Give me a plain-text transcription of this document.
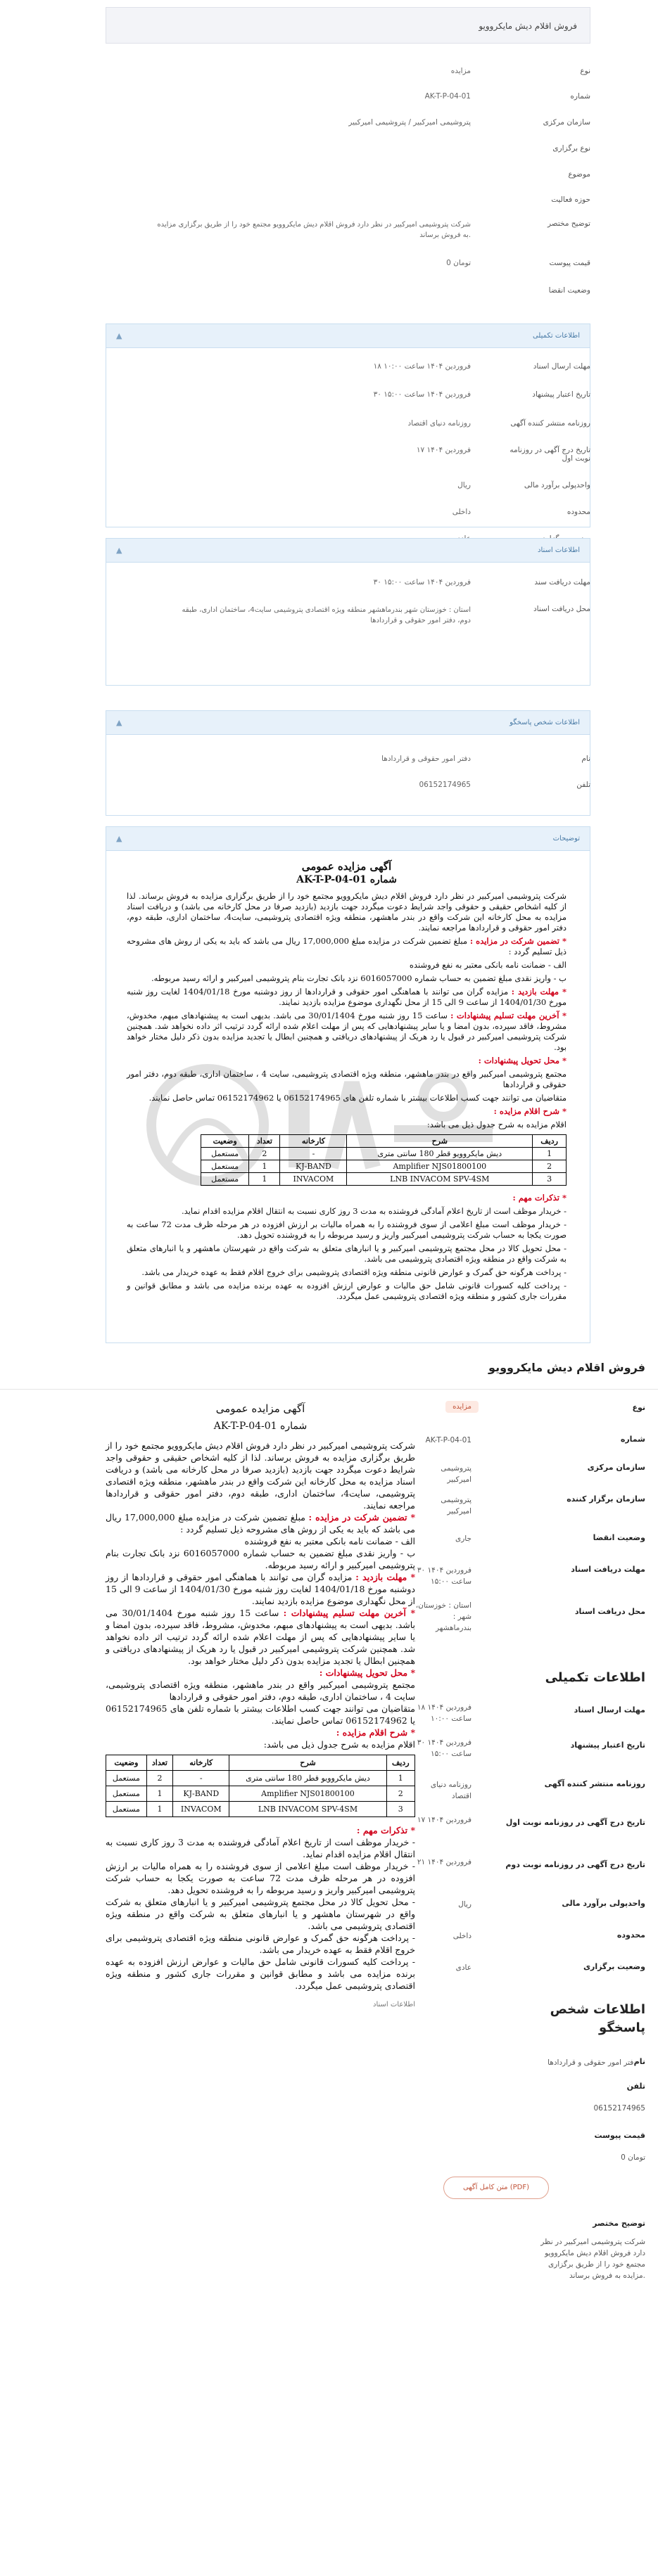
فروش اقلام دیش مایکروویو
نوع
مزایده
شماره
AK-T-P-04-01
سازمان مرکزی
پتروشیمی امیرکبیر / پتروشیمی امیرکبیر
نوع برگزاری
موضوع
حوزه فعالیت
توضیح مختصر
شرکت پتروشیمی امیرکبیر در نظر دارد فروش اقلام دیش مایکروویو مجتمع خود را از طریق برگزاری مزایده به فروش برساند.
قیمت پیوست
0 تومان
وضعیت انقضا
اطلاعات تکمیلی
▲
مهلت ارسال اسناد
۱۸ فروردین ۱۴۰۴ ساعت ۱۰:۰۰
تاریخ اعتبار پیشنهاد
۳۰ فروردین ۱۴۰۴ ساعت ۱۵:۰۰
روزنامه منتشر کننده آگهی
روزنامه دنیای اقتصاد
تاریخ درج آگهی در روزنامه نوبت اول
۱۷ فروردین ۱۴۰۴
واحدپولی برآورد مالی
ریال
محدوده
داخلی
اطلاعات اسناد
▲
مهلت دریافت سند
۳۰ فروردین ۱۴۰۴ ساعت ۱۵:۰۰
محل دریافت اسناد
استان : خوزستان شهر بندرماهشهر منطقه ویژه اقتصادی پتروشیمی سایت4، ساختمان اداری، طبقه دوم، دفتر امور حقوقی و قراردادها
اطلاعات شخص پاسخگو
▲
نام
دفتر امور حقوقی و قراردادها
تلفن
06152174965
توضیحات
▲
آگهی مزایده عمومی
شماره AK-T-P-04-01

شرکت پتروشیمی امیرکبیر در نظر دارد فروش اقلام دیش مایکروویو مجتمع خود را از طریق برگزاری مزایده به فروش برساند. لذا از کلیه اشخاص حقیقی و حقوقی واجد شرایط دعوت میگردد جهت بازدید (بازدید صرفا در محل کارخانه می باشد) و دریافت اسناد مزایده به محل کارخانه این شرکت واقع در بندر ماهشهر، منطقه ویژه اقتصادی پتروشیمی، سایت4، ساختمان اداری، طبقه دوم، دفتر امور حقوقی و قراردادها مراجعه نمایند.

* تضمین شرکت در مزایده : مبلغ تضمین شرکت در مزایده مبلغ 17,000,000 ریال می باشد که باید به یکی از روش های مشروحه ذیل تسلیم گردد :

الف - ضمانت نامه بانکی معتبر به نفع فروشنده

ب - واریز نقدی مبلغ تضمین به حساب شماره 6016057000 نزد بانک تجارت بنام پتروشیمی امیرکبیر و ارائه رسید مربوطه.

* مهلت بازدید : مزایده گران می توانند با هماهنگی امور حقوقی و قراردادها از روز دوشنبه مورخ 1404/01/18 لغایت روز شنبه مورخ 1404/01/30 از ساعت 9 الی 15 از محل نگهداری موضوع مزایده بازدید نمایند.

* آخرین مهلت تسلیم پیشنهادات : ساعت 15 روز شنبه مورخ 30/01/1404 می باشد. بدیهی است به پیشنهادهای مبهم، مخدوش، مشروط، فاقد سپرده، بدون امضا و یا سایر پیشنهادهایی که پس از مهلت اعلام شده ارائه گردد ترتیب اثر داده نخواهد شد. همچنین شرکت پتروشیمی امیرکبیر در قبول یا رد هریک از پیشنهادهای دریافتی و همچنین ابطال یا تجدید مزایده بدون ذکر دلیل مختار خواهد بود.

* محل تحویل پیشنهادات :

مجتمع پتروشیمی امیرکبیر واقع در بندر ماهشهر، منطقه ویژه اقتصادی پتروشیمی، سایت 4 ، ساختمان اداری، طبقه دوم، دفتر امور حقوقی و قراردادها

متقاضیان می توانند جهت کسب اطلاعات بیشتر با شماره تلفن های 06152174965 یا 06152174962 تماس حاصل نمایند.

* شرح اقلام مزایده :

اقلام مزایده به شرح جدول ذیل می باشد:

ردیف	شرح	کارخانه	تعداد	وضعیت
1	دیش مایکروویو قطر 180 سانتی متری	-	2	مستعمل
2	Amplifier NJS01800100	KJ-BAND	1	مستعمل
3	LNB INVACOM SPV-4SM	INVACOM	1	مستعمل

* تذکرات مهم :

- خریدار موظف است از تاریخ اعلام آمادگی فروشنده به مدت 3 روز کاری نسبت به انتقال اقلام مزایده اقدام نماید.

- خریدار موظف است مبلغ اعلامی از سوی فروشنده را به همراه مالیات بر ارزش افزوده در هر مرحله ظرف مدت 72 ساعت به صورت یکجا به حساب شرکت پتروشیمی امیرکبیر واریز و رسید مربوطه را به فروشنده تحویل دهد.

- محل تحویل کالا در محل مجتمع پتروشیمی امیرکبیر و یا انبارهای متعلق به شرکت واقع در شهرستان ماهشهر و یا انبارهای متعلق به شرکت واقع در منطقه ویژه اقتصادی پتروشیمی می باشد.

- پرداخت هرگونه حق گمرک و عوارض قانونی منطقه ویژه اقتصادی پتروشیمی برای خروج اقلام فقط به عهده خریدار می باشد.

- پرداخت کلیه کسورات قانونی شامل حق مالیات و عوارض ارزش افزوده به عهده برنده مزایده می باشد و مطابق قوانین و مقررات جاری کشور و منطقه ویژه اقتصادی پتروشیمی عمل میگردد.

فروش اقلام دیش مایکروویو
نوع
مزایده
شماره
AK-T-P-04-01
سازمان مرکزی
پتروشیمی امیرکبیر
سازمان برگزار کننده
پتروشیمی امیرکبیر
وضعیت انقضا
جاری
مهلت دریافت اسناد
۳۰ فروردین ۱۴۰۴ ساعت ۱۵:۰۰
محل دریافت اسناد
استان : خوزستان، شهر : بندرماهشهر
اطلاعات تکمیلی
مهلت ارسال اسناد
۱۸ فروردین ۱۴۰۴ ساعت ۱۰:۰۰
تاریخ اعتبار پیشنهاد
۳۰ فروردین ۱۴۰۴ ساعت ۱۵:۰۰
روزنامه منتشر کننده آگهی
روزنامه دنیای اقتصاد
تاریخ درج آگهی در روزنامه نوبت اول
۱۷ فروردین ۱۴۰۴
تاریخ درج آگهی در روزنامه نوبت دوم
۲۱ فروردین ۱۴۰۴
واحدپولی برآورد مالی
ریال
محدوده
داخلی
وضعیت برگزاری
عادی
اطلاعات شخص پاسخگو
نام
دفتر امور حقوقی و قراردادها
تلفن
06152174965
قیمت پیوست
0 تومان
متن کامل آگهی (PDF)
توضیح مختصر
شرکت پتروشیمی امیرکبیر در نظر دارد فروش اقلام دیش مایکروویو مجتمع خود را از طریق برگزاری مزایده به فروش برساند.
آگهی مزایده عمومی
شماره AK-T-P-04-01

شرکت پتروشیمی امیرکبیر در نظر دارد فروش اقلام دیش مایکروویو مجتمع خود را از طریق برگزاری مزایده به فروش برساند. لذا از کلیه اشخاص حقیقی و حقوقی واجد شرایط دعوت میگردد جهت بازدید (بازدید صرفا در محل کارخانه می باشد) و دریافت اسناد مزایده به محل کارخانه این شرکت واقع در بندر ماهشهر، منطقه ویژه اقتصادی پتروشیمی، سایت4، ساختمان اداری، طبقه دوم، دفتر امور حقوقی و قراردادها مراجعه نمایند.

* تضمین شرکت در مزایده : مبلغ تضمین شرکت در مزایده مبلغ 17,000,000 ریال می باشد که باید به یکی از روش های مشروحه ذیل تسلیم گردد :

الف - ضمانت نامه بانکی معتبر به نفع فروشنده

ب - واریز نقدی مبلغ تضمین به حساب شماره 6016057000 نزد بانک تجارت بنام پتروشیمی امیرکبیر و ارائه رسید مربوطه.

* مهلت بازدید : مزایده گران می توانند با هماهنگی امور حقوقی و قراردادها از روز دوشنبه مورخ 1404/01/18 لغایت روز شنبه مورخ 1404/01/30 از ساعت 9 الی 15 از محل نگهداری موضوع مزایده بازدید نمایند.

* آخرین مهلت تسلیم پیشنهادات : ساعت 15 روز شنبه مورخ 30/01/1404 می باشد. بدیهی است به پیشنهادهای مبهم، مخدوش، مشروط، فاقد سپرده، بدون امضا و یا سایر پیشنهادهایی که پس از مهلت اعلام شده ارائه گردد ترتیب اثر داده نخواهد شد. همچنین شرکت پتروشیمی امیرکبیر در قبول یا رد هریک از پیشنهادهای دریافتی و همچنین ابطال یا تجدید مزایده بدون ذکر دلیل مختار خواهد بود.

* محل تحویل پیشنهادات :

مجتمع پتروشیمی امیرکبیر واقع در بندر ماهشهر، منطقه ویژه اقتصادی پتروشیمی، سایت 4 ، ساختمان اداری، طبقه دوم، دفتر امور حقوقی و قراردادها

متقاضیان می توانند جهت کسب اطلاعات بیشتر با شماره تلفن های 06152174965 یا 06152174962 تماس حاصل نمایند.

* شرح اقلام مزایده :

اقلام مزایده به شرح جدول ذیل می باشد:

ردیف	شرح	کارخانه	تعداد	وضعیت
1	دیش مایکروویو قطر 180 سانتی متری	-	2	مستعمل
2	Amplifier NJS01800100	KJ-BAND	1	مستعمل
3	LNB INVACOM SPV-4SM	INVACOM	1	مستعمل

* تذکرات مهم :

- خریدار موظف است از تاریخ اعلام آمادگی فروشنده به مدت 3 روز کاری نسبت به انتقال اقلام مزایده اقدام نماید.

- خریدار موظف است مبلغ اعلامی از سوی فروشنده را به همراه مالیات بر ارزش افزوده در هر مرحله ظرف مدت 72 ساعت به صورت یکجا به حساب شرکت پتروشیمی امیرکبیر واریز و رسید مربوطه را به فروشنده تحویل دهد.

- محل تحویل کالا در محل مجتمع پتروشیمی امیرکبیر و یا انبارهای متعلق به شرکت واقع در شهرستان ماهشهر و یا انبارهای متعلق به شرکت واقع در منطقه ویژه اقتصادی پتروشیمی می باشد.

- پرداخت هرگونه حق گمرک و عوارض قانونی منطقه ویژه اقتصادی پتروشیمی برای خروج اقلام فقط به عهده خریدار می باشد.

- پرداخت کلیه کسورات قانونی شامل حق مالیات و عوارض ارزش افزوده به عهده برنده مزایده می باشد و مطابق قوانین و مقررات جاری کشور و منطقه ویژه اقتصادی پتروشیمی عمل میگردد.

اطلاعات اسناد
